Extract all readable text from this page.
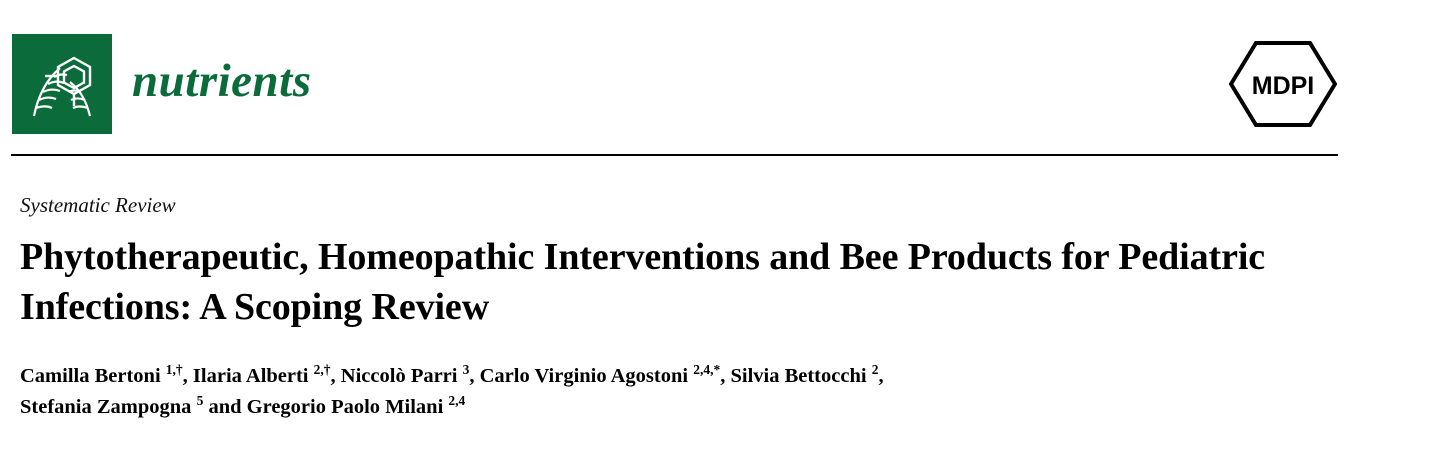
nutrients	MDPI
Systematic Review
Phytotherapeutic, Homeopathic Interventions and Bee Products for Pediatric Infections: A Scoping Review
Camilla Bertoni $^{1,\dagger}$, Ilaria Alberti $^{2,\dagger}$, Niccolò Parri $^3$, Carlo Virginio Agostoni $^{2,4,*}$, Silvia Bettocchi $^2$,
Stefania Zampogna $^5$ and Gregorio Paolo Milani $^{2,4}$
